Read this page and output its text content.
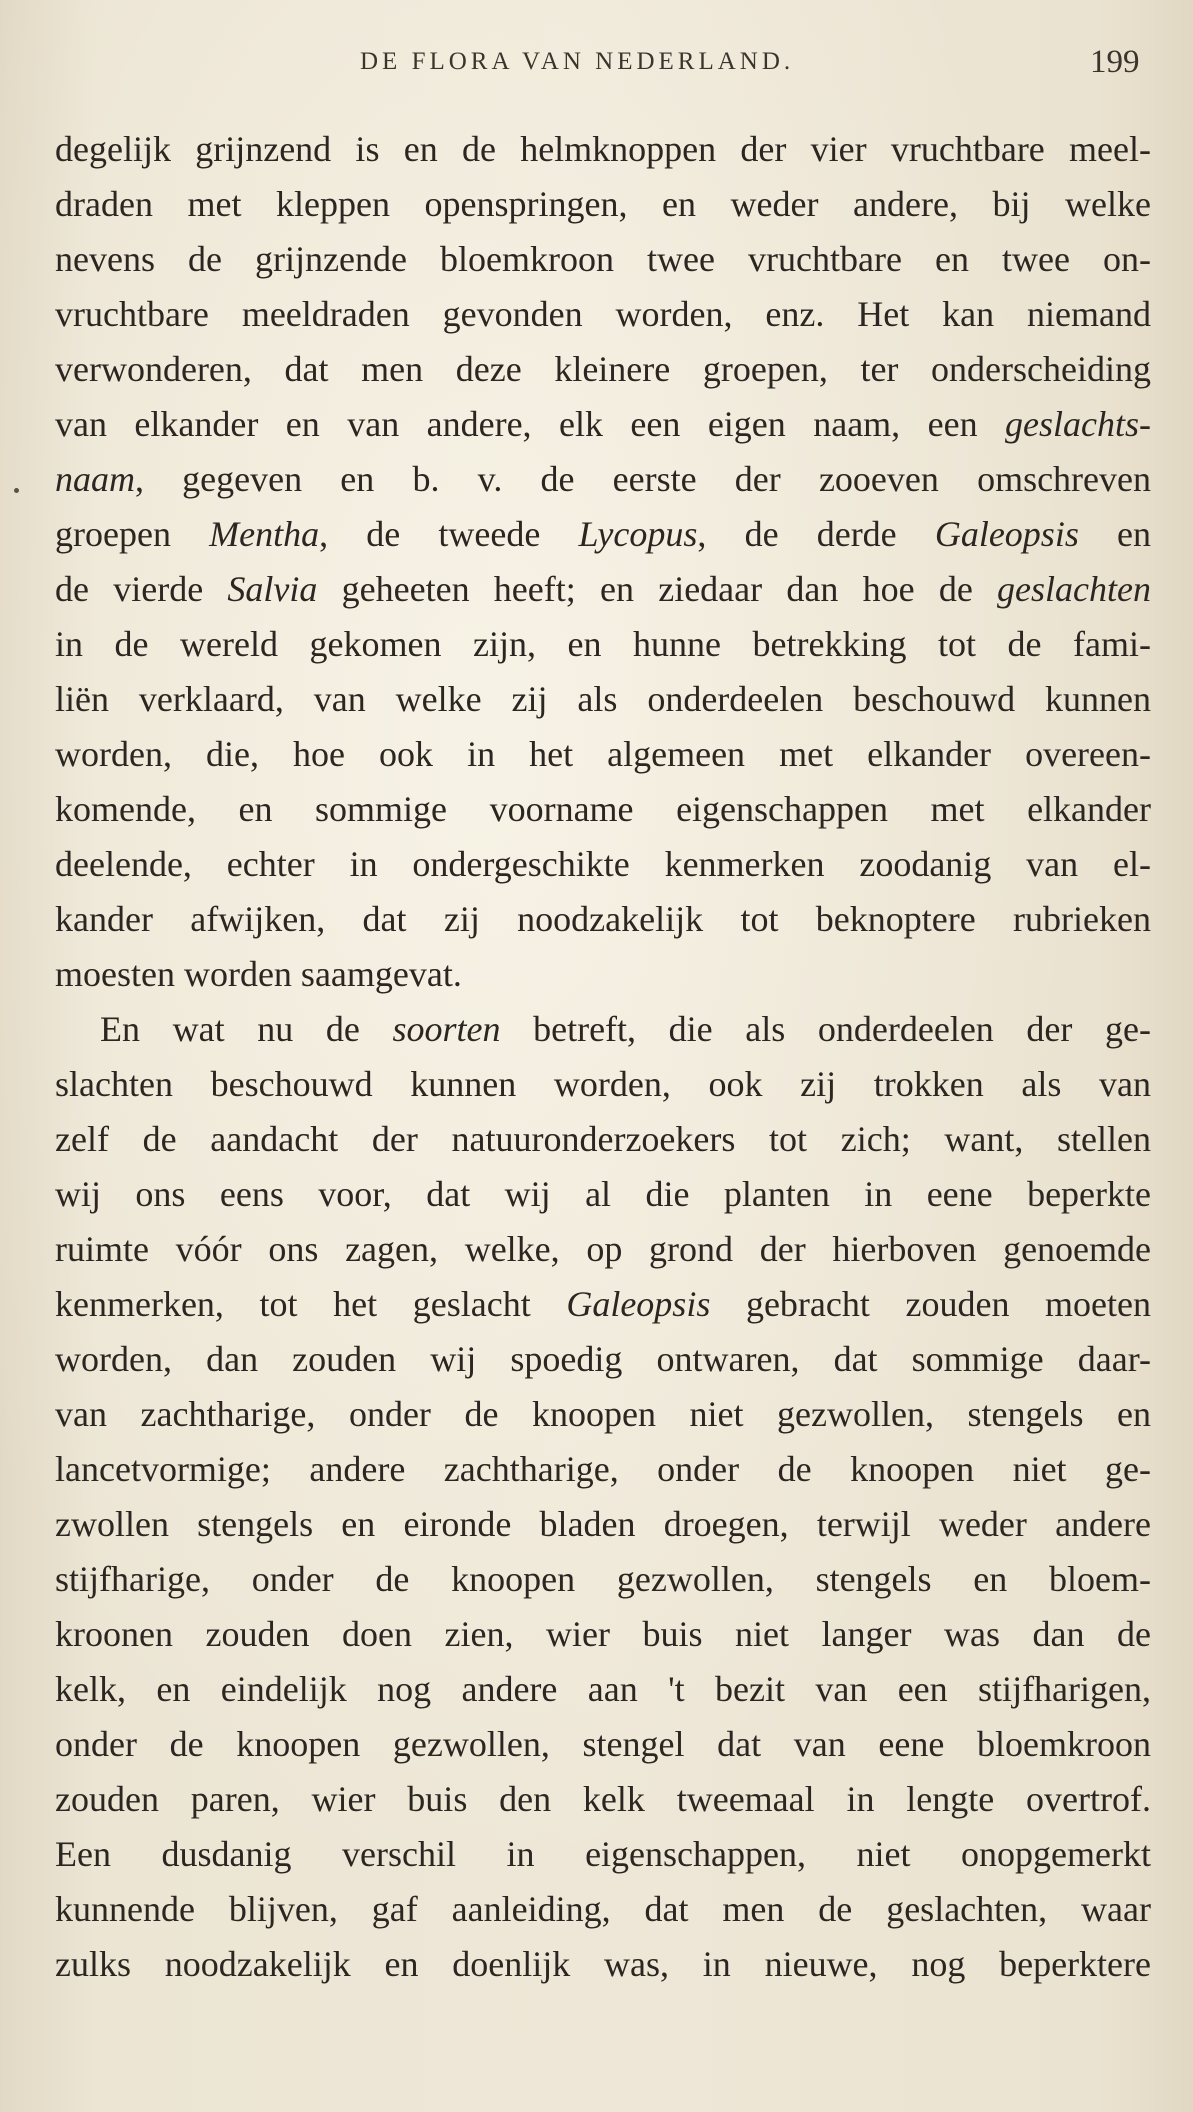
DE FLORA VAN NEDERLAND.	199
degelijk grijnzend is en de helmknoppen der vier vruchtbare meel-
draden met kleppen openspringen, en weder andere, bij welke
nevens de grijnzende bloemkroon twee vruchtbare en twee on-
vruchtbare meeldraden gevonden worden, enz. Het kan niemand
verwonderen, dat men deze kleinere groepen, ter onderscheiding
van elkander en van andere, elk een eigen naam, een geslachts-
naam, gegeven en b. v. de eerste der zooeven omschreven
groepen Mentha, de tweede Lycopus, de derde Galeopsis en
de vierde Salvia geheeten heeft; en ziedaar dan hoe de geslachten
in de wereld gekomen zijn, en hunne betrekking tot de fami-
liën verklaard, van welke zij als onderdeelen beschouwd kunnen
worden, die, hoe ook in het algemeen met elkander overeen-
komende, en sommige voorname eigenschappen met elkander
deelende, echter in ondergeschikte kenmerken zoodanig van el-
kander afwijken, dat zij noodzakelijk tot beknoptere rubrieken
moesten worden saamgevat.
En wat nu de soorten betreft, die als onderdeelen der ge-
slachten beschouwd kunnen worden, ook zij trokken als van
zelf de aandacht der natuuronderzoekers tot zich; want, stellen
wij ons eens voor, dat wij al die planten in eene beperkte
ruimte vóór ons zagen, welke, op grond der hierboven genoemde
kenmerken, tot het geslacht Galeopsis gebracht zouden moeten
worden, dan zouden wij spoedig ontwaren, dat sommige daar-
van zachtharige, onder de knoopen niet gezwollen, stengels en
lancetvormige; andere zachtharige, onder de knoopen niet ge-
zwollen stengels en eironde bladen droegen, terwijl weder andere
stijfharige, onder de knoopen gezwollen, stengels en bloem-
kroonen zouden doen zien, wier buis niet langer was dan de
kelk, en eindelijk nog andere aan 't bezit van een stijfharigen,
onder de knoopen gezwollen, stengel dat van eene bloemkroon
zouden paren, wier buis den kelk tweemaal in lengte overtrof.
Een dusdanig verschil in eigenschappen, niet onopgemerkt
kunnende blijven, gaf aanleiding, dat men de geslachten, waar
zulks noodzakelijk en doenlijk was, in nieuwe, nog beperktere
